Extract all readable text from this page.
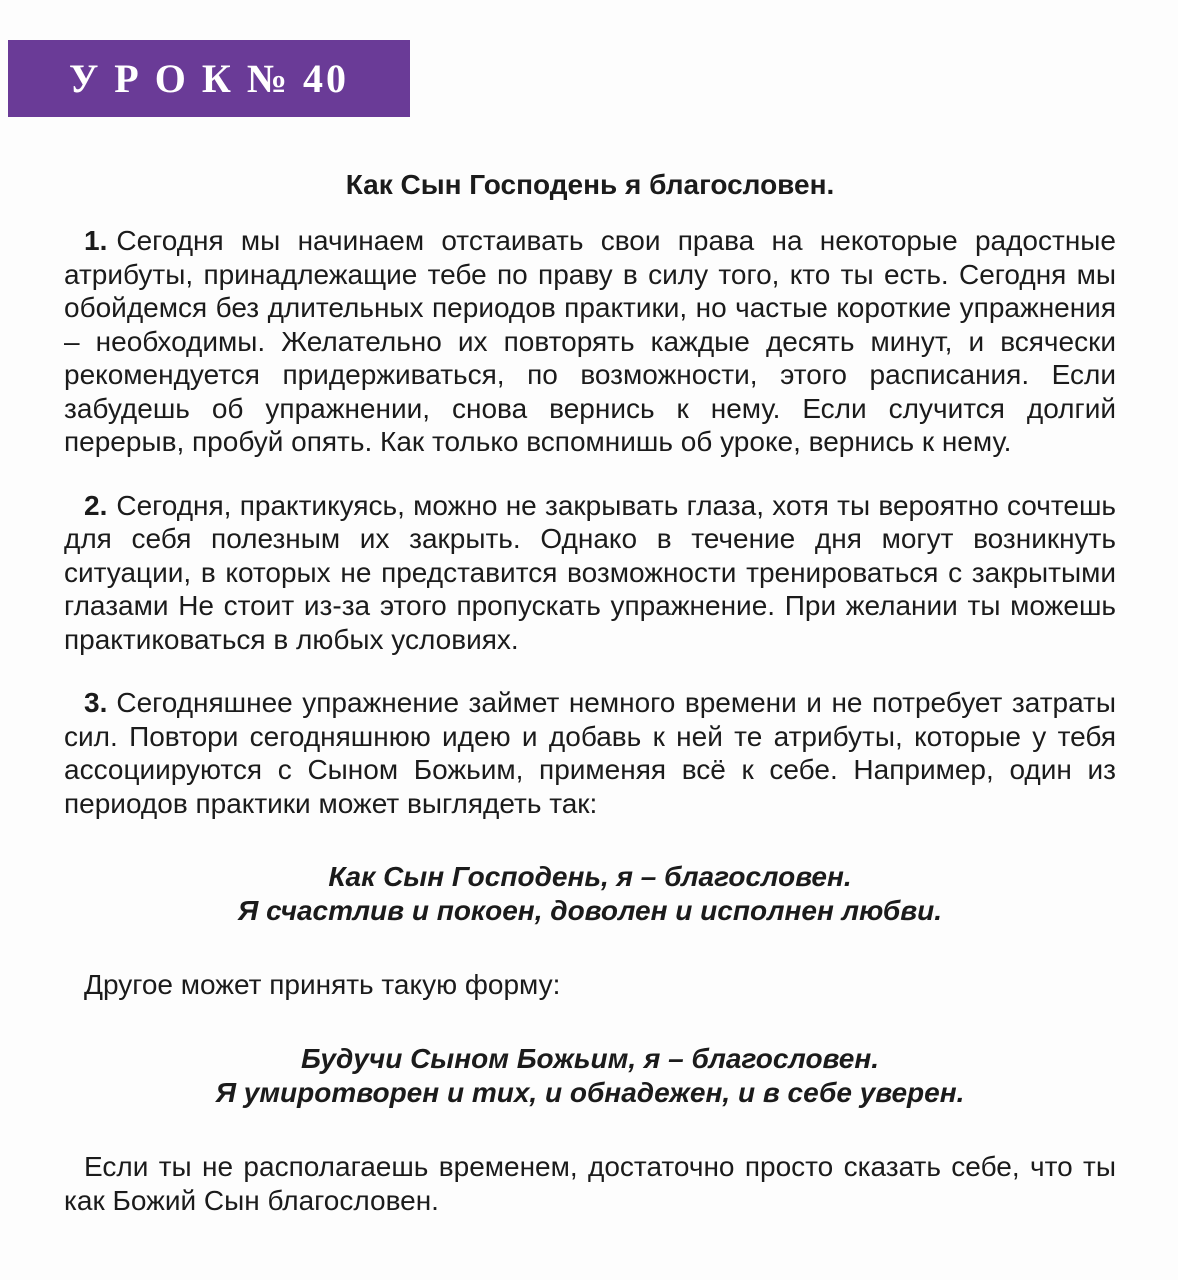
У Р О К № 40
Как Сын Господень я благословен.

1. Сегодня мы начинаем отстаивать свои права на некоторые радостные атрибуты, принадлежащие тебе по праву в силу того, кто ты есть. Сегодня мы обойдемся без длительных периодов практики, но частые короткие упражнения – необходимы. Желательно их повторять каждые десять минут, и всячески рекомендуется придерживаться, по возможности, этого расписания. Если забудешь об упражнении, снова вернись к нему. Если случится долгий перерыв, пробуй опять. Как только вспомнишь об уроке, вернись к нему.

2. Сегодня, практикуясь, можно не закрывать глаза, хотя ты вероятно сочтешь для себя полезным их закрыть. Однако в течение дня могут возникнуть ситуации, в которых не представится возможности тренироваться с закрытыми глазами Не стоит из-за этого пропускать упражнение. При желании ты можешь практиковаться в любых условиях.

3. Сегодняшнее упражнение займет немного времени и не потребует затраты сил. Повтори сегодняшнюю идею и добавь к ней те атрибуты, которые у тебя ассоциируются с Сыном Божьим, применяя всё к себе. Например, один из периодов практики может выглядеть так:

Как Сын Господень, я – благословен.
Я счастлив и покоен, доволен и исполнен любви.

Другое может принять такую форму:

Будучи Сыном Божьим, я – благословен.
Я умиротворен и тих, и обнадежен, и в себе уверен.

Если ты не располагаешь временем, достаточно просто сказать себе, что ты как Божий Сын благословен.
